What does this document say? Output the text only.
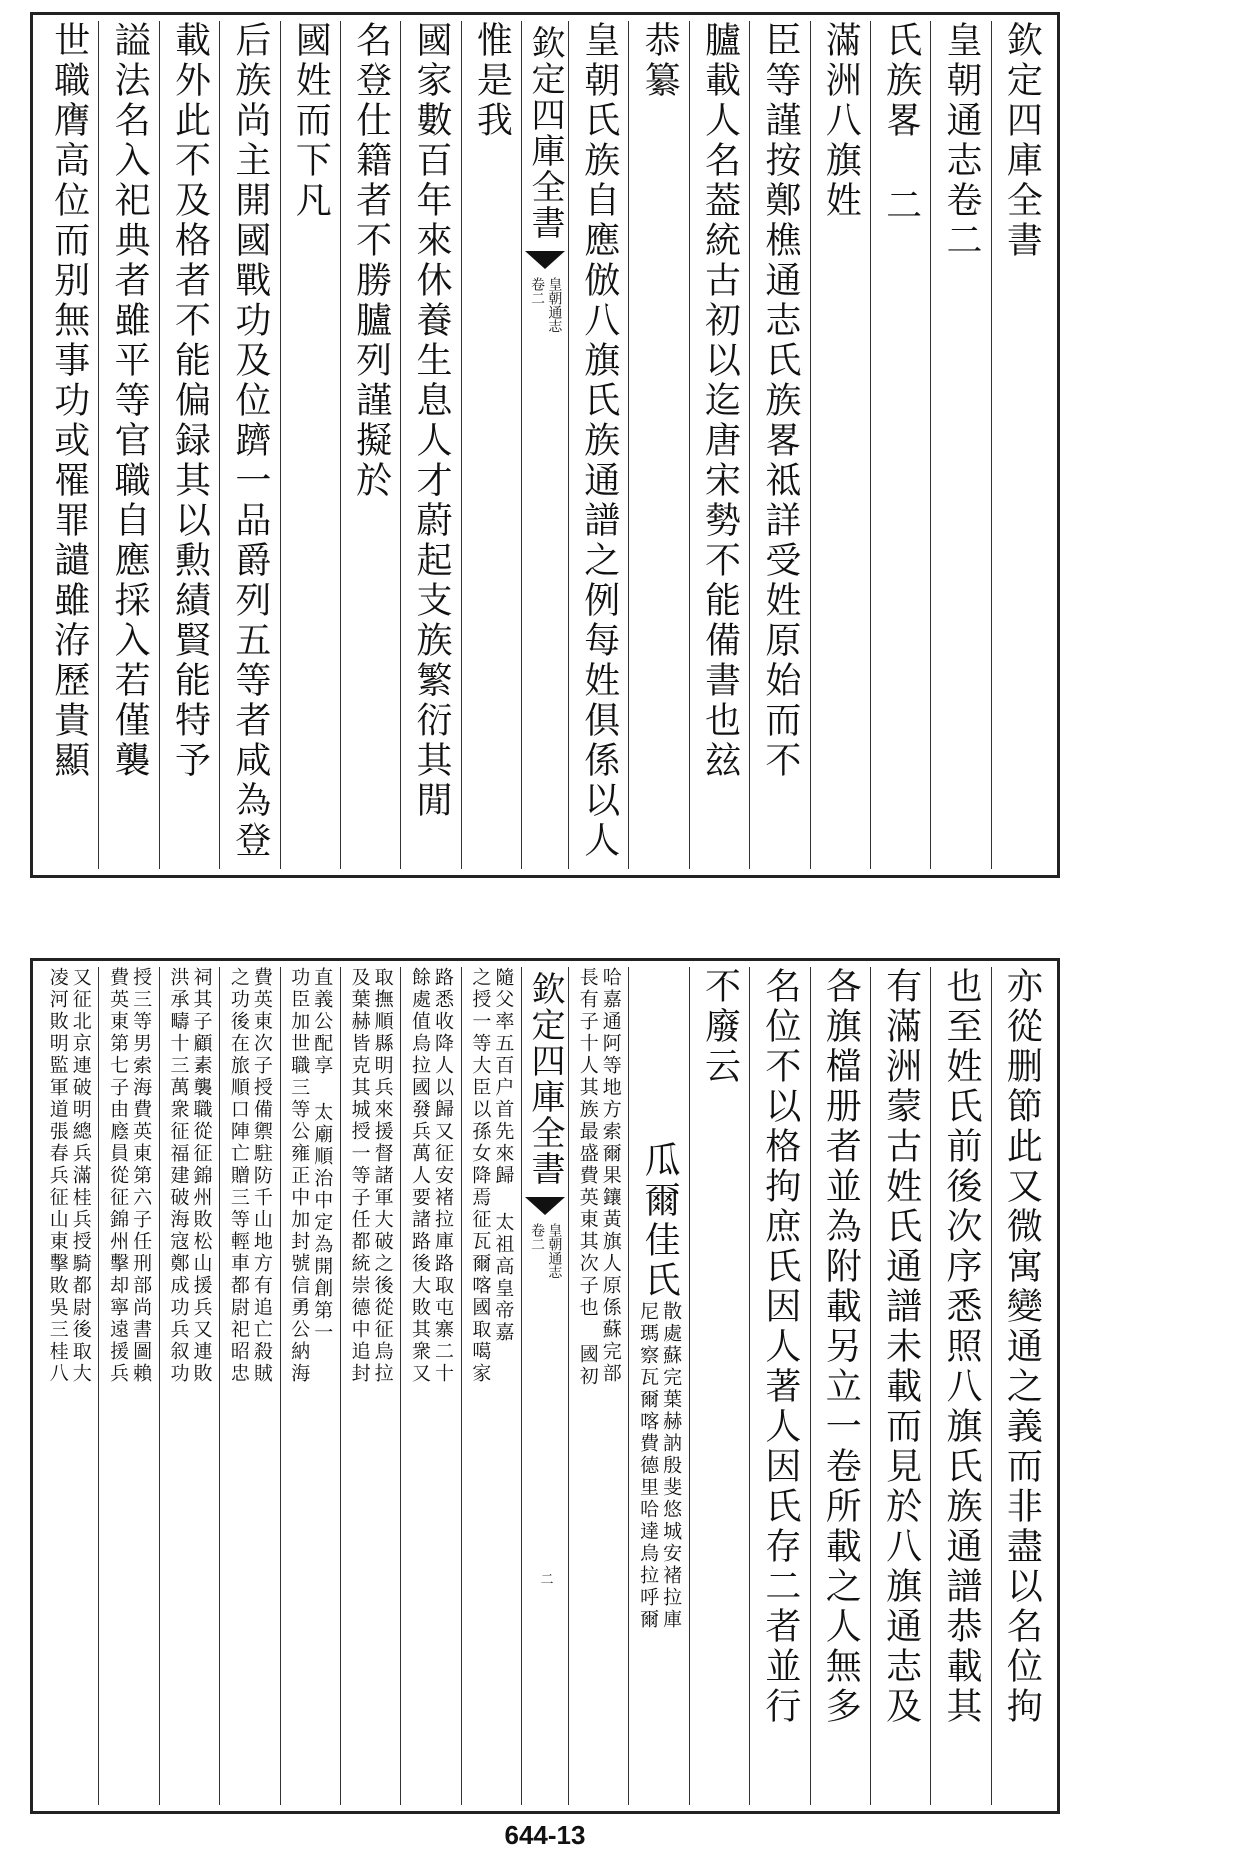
欽定四庫全書
皇朝通志卷二
氏族畧 二
滿洲八旗姓
臣等謹按鄭樵通志氏族畧祗詳受姓原始而不
臚載人名葢統古初以迄唐宋勢不能備書也玆
恭纂
皇朝氏族自應倣八旗氏族通譜之例每姓俱係以人
欽定四庫全書
皇朝通志
卷二
惟是我
國家數百年來休養生息人才蔚起支族繁衍其閒
名登仕籍者不勝臚列謹擬於
國姓而下凡
后族尚主開國戰功及位躋一品爵列五等者咸為登
載外此不及格者不能偏録其以勲績賢能特予
謚法名入祀典者雖平等官職自應採入若僅襲
世職膺高位而别無事功或罹罪譴雖洊歷貴顯
亦從删節此又微寓變通之義而非盡以名位拘
也至姓氏前後次序悉照八旗氏族通譜恭載其
有滿洲蒙古姓氏通譜未載而見於八旗通志及
各旗檔册者並為附載另立一卷所載之人無多
名位不以格拘庶氏因人著人因氏存二者並行
不廢云
瓜爾佳氏
散處蘇完葉赫訥殷斐悠城安褚拉庫
尼瑪察瓦爾喀費德里哈達烏拉呼爾
哈嘉通阿等地方索爾果鑲黃旗人原係蘇完部
長有子十人其族最盛費英東其次子也 國初
欽定四庫全書
皇朝通志
卷二
二
隨父率五百户首先來歸 太祖高皇帝嘉
之授一等大臣以孫女降焉征瓦爾喀國取噶家
路悉收降人以歸又征安褚拉庫路取屯寨二十
餘處值烏拉國發兵萬人要諸路後大敗其衆又
取撫順縣明兵來援督諸軍大破之後從征烏拉
及葉赫皆克其城授一等子任都統崇德中追封
直義公配享 太廟順治中定為開創第一
功臣加世職三等公雍正中加封號信勇公納海
費英東次子授備禦駐防千山地方有追亡殺賊
之功後在旅順口陣亡贈三等輕車都尉祀昭忠
祠其子顧素襲職從征錦州敗松山援兵又連敗
洪承疇十三萬衆征福建破海寇鄭成功兵叙功
授三等男索海費英東第六子任刑部尚書圖賴
費英東第七子由廕員從征錦州擊却寧遠援兵
又征北京連破明總兵滿桂兵授騎都尉後取大
凌河敗明監軍道張春兵征山東擊敗吳三桂八
644-13
